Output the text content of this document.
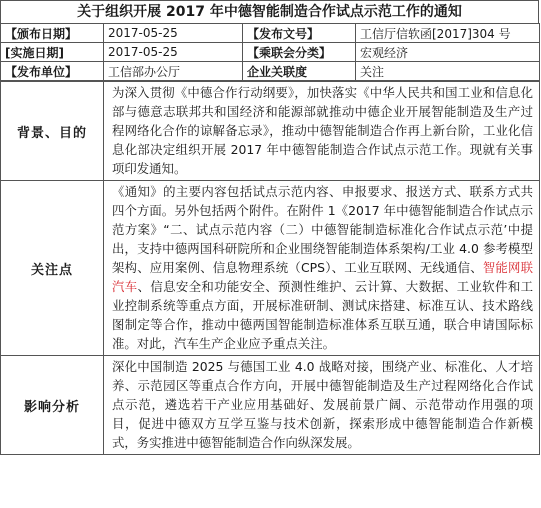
关于组织开展 2017 年中德智能制造合作试点示范工作的通知
【颁布日期】	2017-05-25	【发布文号】	工信厅信软函[2017]304 号
[实施日期]	2017-05-25	【乘联会分类】	宏观经济
【发布单位】	工信部办公厅	企业关联度	关注
背景、目的	为深入贯彻《中德合作行动纲要》，加快落实《中华人民共和国工业和信息化部与德意志联邦共和国经济和能源部就推动中德企业开展智能制造及生产过程网络化合作的谅解备忘录》，推动中德智能制造合作再上新台阶，工业化信息化部决定组织开展 2017 年中德智能制造合作试点示范工作。现就有关事项印发通知。
关注点	《通知》的主要内容包括试点示范内容、申报要求、报送方式、联系方式共四个方面。另外包括两个附件。在附件 1《2017 年中德智能制造合作试点示范方案》“二、试点示范内容（二）中德智能制造标准化合作试点示范’中提出，支持中德两国科研院所和企业围绕智能制造体系架构/工业 4.0 参考模型架构、应用案例、信息物理系统（CPS）、工业互联网、无线通信、智能网联汽车、信息安全和功能安全、预测性维护、云计算、大数据、工业软件和工业控制系统等重点方面，开展标准研制、测试床搭建、标准互认、技术路线图制定等合作，推动中德两国智能制造标准体系互联互通，联合申请国际标准。对此，汽车生产企业应予重点关注。
影响分析	深化中国制造 2025 与德国工业 4.0 战略对接，围绕产业、标准化、人才培养、示范园区等重点合作方向，开展中德智能制造及生产过程网络化合作试点示范，遴选若干产业应用基础好、发展前景广阔、示范带动作用强的项目，促进中德双方互学互鉴与技术创新，探索形成中德智能制造合作新模式，务实推进中德智能制造合作向纵深发展。
